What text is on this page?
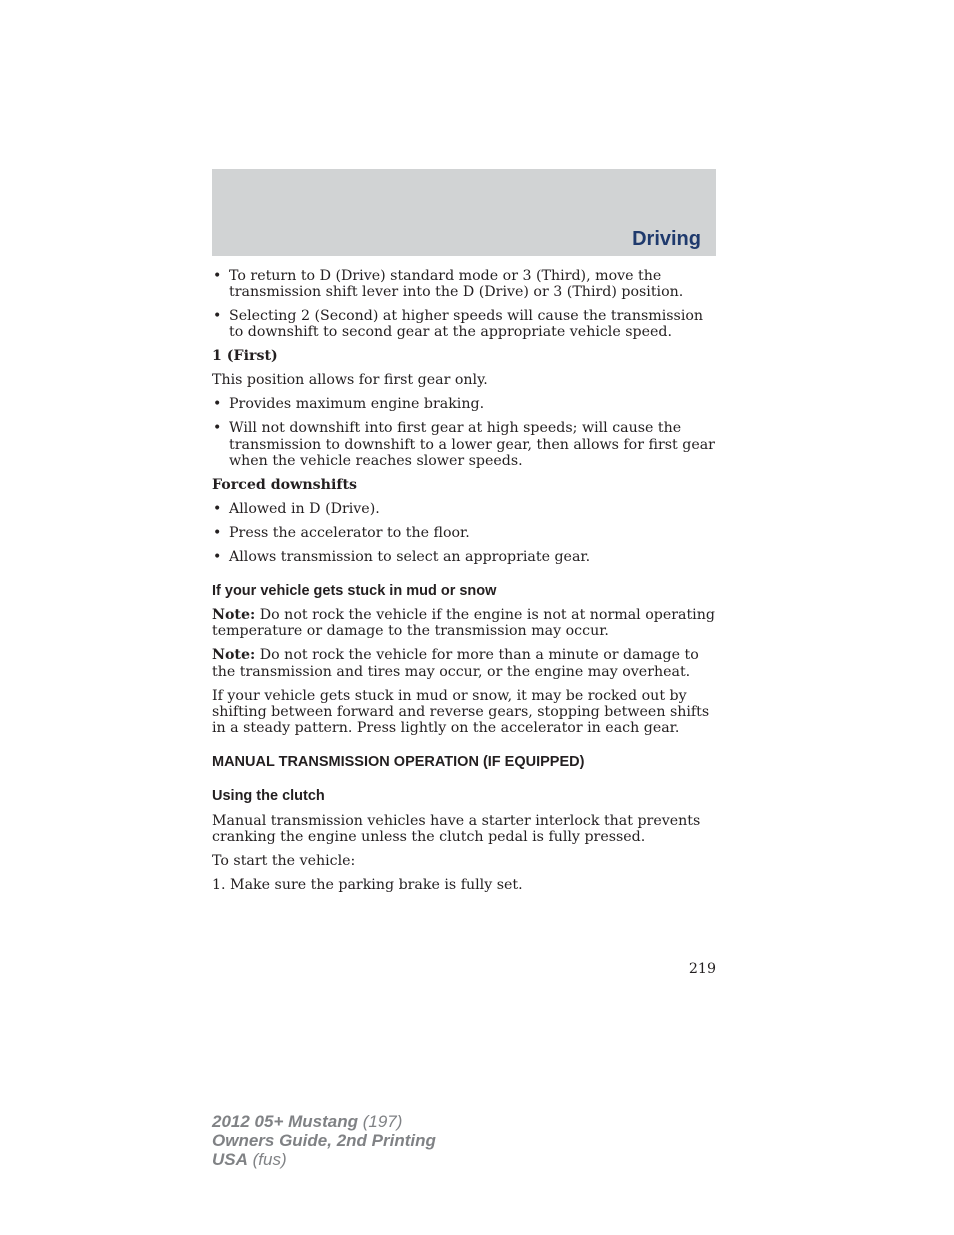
Driving
• To return to D (Drive) standard mode or 3 (Third), move the transmission shift lever into the D (Drive) or 3 (Third) position.
• Selecting 2 (Second) at higher speeds will cause the transmission to downshift to second gear at the appropriate vehicle speed.
1 (First)

This position allows for first gear only.

• Provides maximum engine braking.
• Will not downshift into first gear at high speeds; will cause the transmission to downshift to a lower gear, then allows for first gear when the vehicle reaches slower speeds.
Forced downshifts
• Allowed in D (Drive).
• Press the accelerator to the floor.
• Allows transmission to select an appropriate gear.
If your vehicle gets stuck in mud or snow

Note: Do not rock the vehicle if the engine is not at normal operating temperature or damage to the transmission may occur.

Note: Do not rock the vehicle for more than a minute or damage to the transmission and tires may occur, or the engine may overheat.

If your vehicle gets stuck in mud or snow, it may be rocked out by shifting between forward and reverse gears, stopping between shifts in a steady pattern. Press lightly on the accelerator in each gear.

MANUAL TRANSMISSION OPERATION (IF EQUIPPED)
Using the clutch

Manual transmission vehicles have a starter interlock that prevents cranking the engine unless the clutch pedal is fully pressed.

To start the vehicle:

1. Make sure the parking brake is fully set.

219
2012 05+ Mustang (197)
Owners Guide, 2nd Printing
USA (fus)
